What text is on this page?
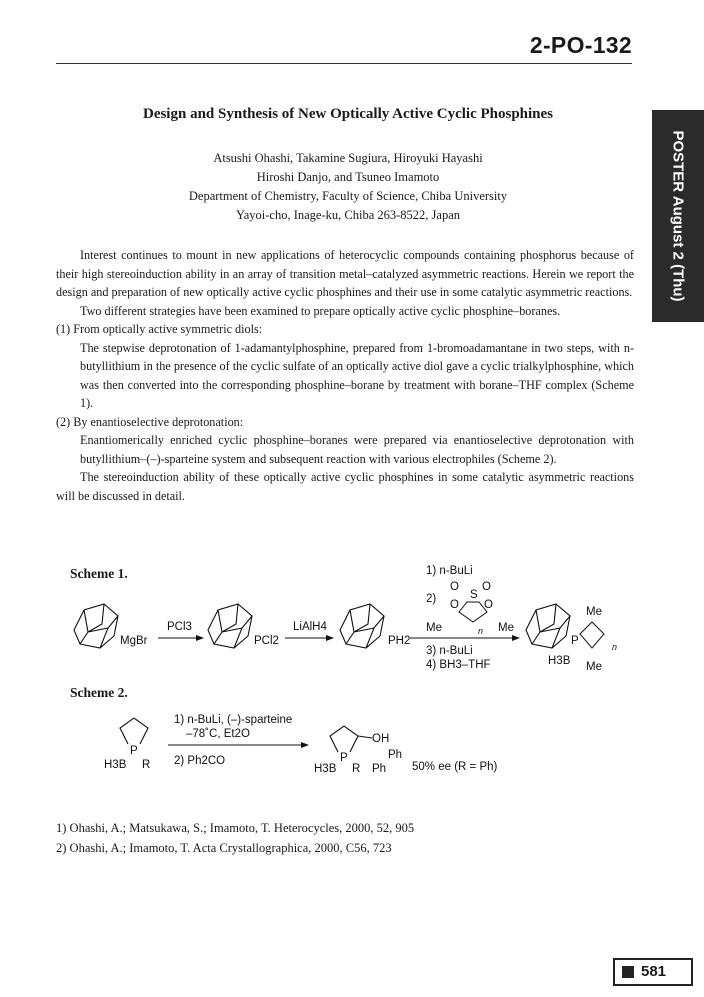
2-PO-132
POSTER August 2 (Thu)
Design and Synthesis of New Optically Active Cyclic Phosphines
Atsushi Ohashi, Takamine Sugiura, Hiroyuki Hayashi
Hiroshi Danjo, and Tsuneo Imamoto
Department of Chemistry, Faculty of Science, Chiba University
Yayoi-cho, Inage-ku, Chiba 263-8522, Japan

Interest continues to mount in new applications of heterocyclic compounds containing phosphorus because of their high stereoinduction ability in an array of transition metal–catalyzed asymmetric reactions. Herein we report the design and preparation of new optically active cyclic phosphines and their use in some catalytic asymmetric reactions.

Two different strategies have been examined to prepare optically active cyclic phosphine–boranes.

(1) From optically active symmetric diols:

The stepwise deprotonation of 1-adamantylphosphine, prepared from 1-bromoadamantane in two steps, with n-butyllithium in the presence of the cyclic sulfate of an optically active diol gave a cyclic trialkylphosphine, which was then converted into the corresponding phosphine–borane by treatment with borane–THF complex (Scheme 1).

(2) By enantioselective deprotonation:

Enantiomerically enriched cyclic phosphine–boranes were prepared via enantioselective deprotonation with butyllithium–(–)-sparteine system and subsequent reaction with various electrophiles (Scheme 2).

The stereoinduction ability of these optically active cyclic phosphines in some catalytic asymmetric reactions will be discussed in detail.

Scheme 1.
MgBr
PCl3
PCl2
LiAlH4
PH2
1) n-BuLi
2)
O
S
O
O O
Me	Me
n
3) n-BuLi
4) BH3–THF
P
Me
Me
n
H3B
Scheme 2.
P
H3B R
1) n-BuLi, (–)-sparteine
–78˚C, Et2O
2) Ph2CO	P
OH
Ph
H3B R Ph 50% ee (R = Ph)
1) Ohashi, A.; Matsukawa, S.; Imamoto, T. Heterocycles, 2000, 52, 905
2) Ohashi, A.; Imamoto, T. Acta Crystallographica, 2000, C56, 723
581
